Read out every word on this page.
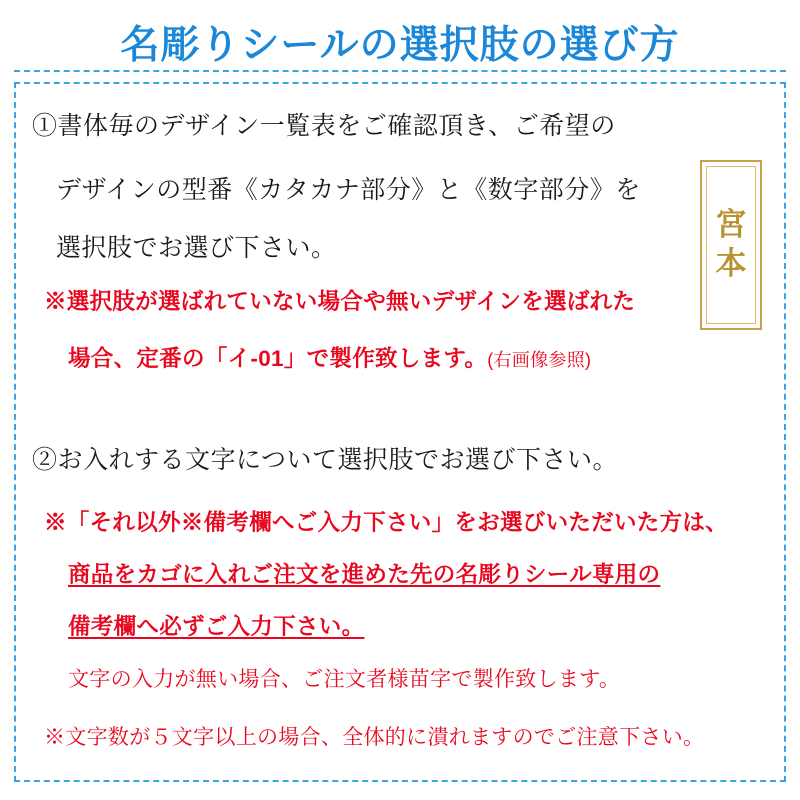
名彫りシールの選択肢の選び方
①書体毎のデザイン一覧表をご確認頂き、ご希望の
デザインの型番《カタカナ部分》と《数字部分》を
選択肢でお選び下さい。
※選択肢が選ばれていない場合や無いデザインを選ばれた
場合、定番の「イ-01」で製作致します。(右画像参照)
宮
本
②お入れする文字について選択肢でお選び下さい。
※「それ以外※備考欄へご入力下さい」をお選びいただいた方は、
商品をカゴに入れご注文を進めた先の名彫りシール専用の
備考欄へ必ずご入力下さい。
文字の入力が無い場合、ご注文者様苗字で製作致します。
※文字数が５文字以上の場合、全体的に潰れますのでご注意下さい。
